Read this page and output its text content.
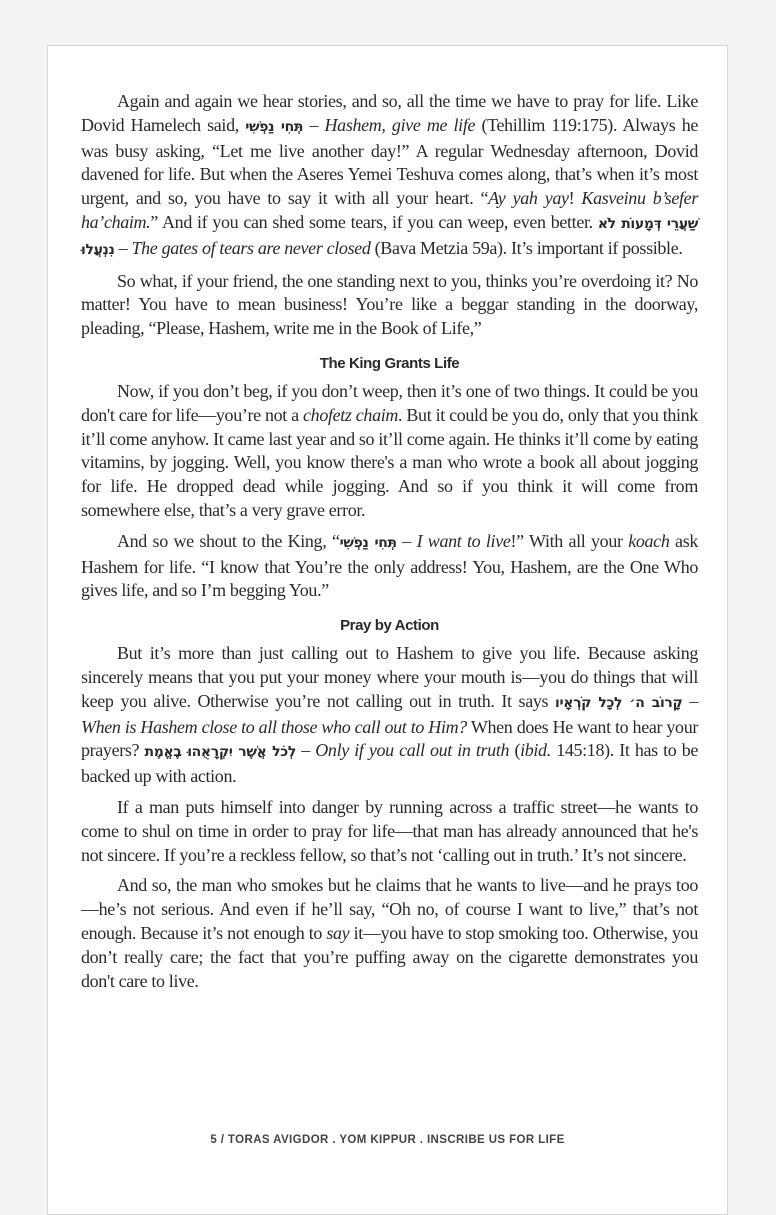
Again and again we hear stories, and so, all the time we have to pray for life. Like Dovid Hamelech said, תְּחִי נַפְשִׁי – Hashem, give me life (Tehillim 119:175). Always he was busy asking, “Let me live another day!” A regular Wednesday afternoon, Dovid davened for life. But when the Aseres Yemei Teshuva comes along, that’s when it’s most urgent, and so, you have to say it with all your heart. “Ay yah yay! Kasveinu b’sefer ha’chaim.” And if you can shed some tears, if you can weep, even better. שַׁעֲרֵי דְּמָעוֹת לֹא נִנְעֲלוּ – The gates of tears are never closed (Bava Metzia 59a). It’s important if possible.

So what, if your friend, the one standing next to you, thinks you’re overdoing it? No matter! You have to mean business! You’re like a beggar standing in the doorway, pleading, “Please, Hashem, write me in the Book of Life,”

The King Grants Life

Now, if you don’t beg, if you don’t weep, then it’s one of two things. It could be you don't care for life—you’re not a chofetz chaim. But it could be you do, only that you think it’ll come anyhow. It came last year and so it’ll come again. He thinks it’ll come by eating vitamins, by jogging. Well, you know there's a man who wrote a book all about jogging for life. He dropped dead while jogging. And so if you think it will come from somewhere else, that’s a very grave error.

And so we shout to the King, “תְּחִי נַפְשִׁי – I want to live!” With all your koach ask Hashem for life. “I know that You’re the only address! You, Hashem, are the One Who gives life, and so I’m begging You.”

Pray by Action

But it’s more than just calling out to Hashem to give you life. Because asking sincerely means that you put your money where your mouth is—you do things that will keep you alive. Otherwise you’re not calling out in truth. It says קָרוֹב ה׳ לְכָל קֹרְאָיו – When is Hashem close to all those who call out to Him? When does He want to hear your prayers? לְכֹל אֲשֶׁר יִקְרָאֻהוּ בֶאֱמֶת – Only if you call out in truth (ibid. 145:18). It has to be backed up with action.

If a man puts himself into danger by running across a traffic street—he wants to come to shul on time in order to pray for life—that man has already announced that he's not sincere. If you’re a reckless fellow, so that’s not ‘calling out in truth.’ It’s not sincere.

And so, the man who smokes but he claims that he wants to live—and he prays too—he’s not serious. And even if he’ll say, “Oh no, of course I want to live,” that’s not enough. Because it’s not enough to say it—you have to stop smoking too. Otherwise, you don’t really care; the fact that you’re puffing away on the cigarette demonstrates you don't care to live.

5 / TORAS AVIGDOR . YOM KIPPUR . INSCRIBE US FOR LIFE
